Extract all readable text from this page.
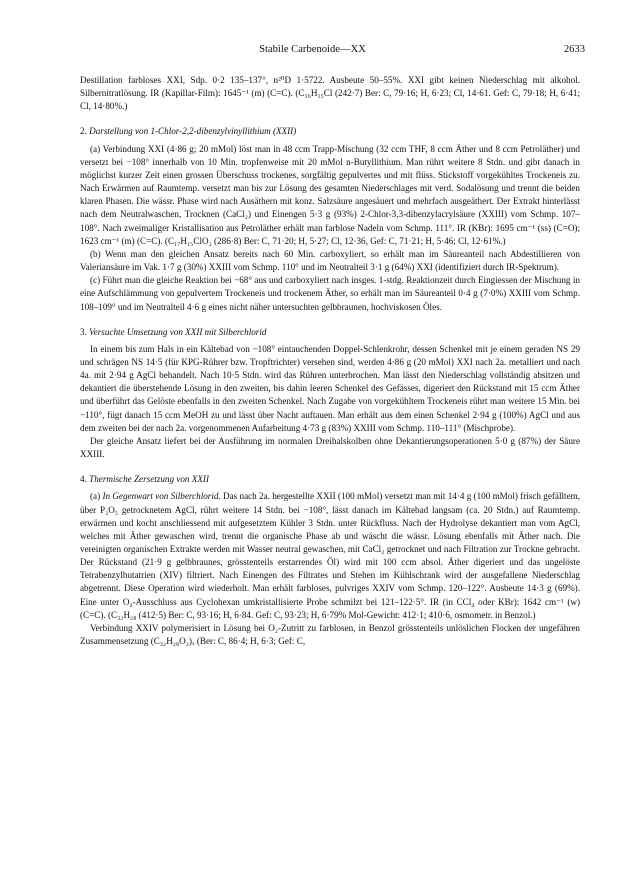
Stabile Carbenoide—XX	2633

Destillation farbloses XXI, Sdp. 0·2 135–137°, n²⁰D 1·5722. Ausbeute 50–55%. XXI gibt keinen Niederschlag mit alkohol. Silbernitratlösung. IR (Kapillar-Film): 1645⁻¹ (m) (C=C). (C₁₆H₁₅Cl (242·7) Ber: C, 79·16; H, 6·23; Cl, 14·61. Gef: C, 79·18; H, 6·41; Cl, 14·80%.)

2. Darstellung von 1-Chlor-2,2-dibenzylvinyllithium (XXII)

(a) Verbindung XXI (4·86 g; 20 mMol) löst man in 48 ccm Trapp-Mischung (32 ccm THF, 8 ccm Äther und 8 ccm Petroläther) und versetzt bei −108° innerhalb von 10 Min. tropfenweise mit 20 mMol n-Butyllithium. Man rührt weitere 8 Stdn. und gibt danach in möglichst kurzer Zeit einen grossen Überschuss trockenes, sorgfältig gepulvertes und mit flüss. Stickstoff vorgekühltes Trockeneis zu. Nach Erwärmen auf Raumtemp. versetzt man bis zur Lösung des gesamten Niederschlages mit verd. Sodalösung und trennt die beiden klaren Phasen. Die wässr. Phase wird nach Ausäthern mit konz. Salzsäure angesäuert und mehrfach ausgeäthert. Der Extrakt hinterlässt nach dem Neutralwaschen, Trocknen (CaCl₂) und Einengen 5·3 g (93%) 2-Chlor-3,3-dibenzylacrylsäure (XXIII) vom Schmp. 107–108°. Nach zweimaliger Kristallisation aus Petroläther erhält man farblose Nadeln vom Schmp. 111°. IR (KBr): 1695 cm⁻¹ (ss) (C=O); 1623 cm⁻¹ (m) (C=C). (C₁₇H₁₅ClO₂ (286·8) Ber: C, 71·20; H, 5·27; Cl, 12·36, Gef: C, 71·21; H, 5·46; Cl, 12·61%.)

(b) Wenn man den gleichen Ansatz bereits nach 60 Min. carboxyliert, so erhält man im Säureanteil nach Abdestillieren von Valeriansäure im Vak. 1·7 g (30%) XXIII vom Schmp. 110° und im Neutralteil 3·1 g (64%) XXI (identifiziert durch IR-Spektrum).

(c) Führt man die gleiche Reaktion bei −68° aus und carboxyliert nach insges. 1-stdg. Reaktionzeit durch Eingiessen der Mischung in eine Aufschlämmung von gepulvertem Trockeneis und trockenem Äther, so erhält man im Säureanteil 0·4 g (7·0%) XXIII vom Schmp. 108–109° und im Neutralteil 4·6 g eines nicht näher untersuchten gelbbraunen, hochviskosen Öles.

3. Versuchte Umsetzung von XXII mit Silberchlorid

In einem bis zum Hals in ein Kältebad von −108° eintauchenden Doppel-Schlenkrohr, dessen Schenkel mit je einem geraden NS 29 und schrägen NS 14·5 (für KPG-Rührer bzw. Tropftrichter) versehen sind, werden 4·86 g (20 mMol) XXI nach 2a. metalliert und nach 4a. mit 2·94 g AgCl behandelt. Nach 10·5 Stdn. wird das Rühren unterbrochen. Man lässt den Niederschlag vollständig absitzen und dekantiert die überstehende Lösung in den zweiten, bis dahin leeren Schenkel des Gefässes, digeriert den Rückstand mit 15 ccm Äther und überführt das Gelöste ebenfalls in den zweiten Schenkel. Nach Zugabe von vorgekühltem Trockeneis rührt man weitere 15 Min. bei −110°, fügt danach 15 ccm MeOH zu und lässt über Nacht auftauen. Man erhält aus dem einen Schenkel 2·94 g (100%) AgCl und aus dem zweiten bei der nach 2a. vorgenommenen Aufarbeitung 4·73 g (83%) XXIII vom Schmp. 110–111° (Mischprobe).

Der gleiche Ansatz liefert bei der Ausführung im normalen Dreihalskolben ohne Dekantierungsoperationen 5·0 g (87%) der Säure XXIII.

4. Thermische Zersetzung von XXII

(a) In Gegenwart von Silberchlorid. Das nach 2a. hergestellte XXII (100 mMol) versetzt man mit 14·4 g (100 mMol) frisch gefälltem, über P₂O₅ getrocknetem AgCl, rührt weitere 14 Stdn. bei −108°, lässt danach im Kältebad langsam (ca. 20 Stdn.) auf Raumtemp. erwärmen und kocht anschliessend mit aufgesetztem Kühler 3 Stdn. unter Rückfluss. Nach der Hydrolyse dekantiert man vom AgCl, welches mit Äther gewaschen wird, trennt die organische Phase ab und wäscht die wässr. Lösung ebenfalls mit Äther nach. Die vereinigten organischen Extrakte werden mit Wasser neutral gewaschen, mit CaCl₂ getrocknet und nach Filtration zur Trockne gebracht. Der Rückstand (21·9 g gelbbraunes, grösstenteils erstarrendes Öl) wird mit 100 ccm absol. Äther digeriert und das ungelöste Tetrabenzylbutatrien (XIV) filtriert. Nach Einengen des Filtrates und Stehen im Kühlschrank wird der ausgefallene Niederschlag abgetrennt. Diese Operation wird wiederholt. Man erhält farbloses, pulvriges XXIV vom Schmp. 120–122°. Ausbeute 14·3 g (69%). Eine unter O₂-Ausschluss aus Cyclohexan umkristallisierte Probe schmilzt bei 121–122·5°. IR (in CCl₄ oder KBr): 1642 cm⁻¹ (w) (C=C). (C₃₂H₂₈ (412·5) Ber: C, 93·16; H, 6·84. Gef: C, 93·23; H, 6·79% Mol-Gewicht: 412·1; 410·6, osmometr. in Benzol.)

Verbindung XXIV polymerisiert in Lösung bei O₂-Zutritt zu farblosen, in Benzol grösstenteils unlöslichen Flocken der ungefähren Zusammensetzung (C₃₂H₂₈O₂)ₓ (Ber: C, 86·4; H, 6·3; Gef: C,
